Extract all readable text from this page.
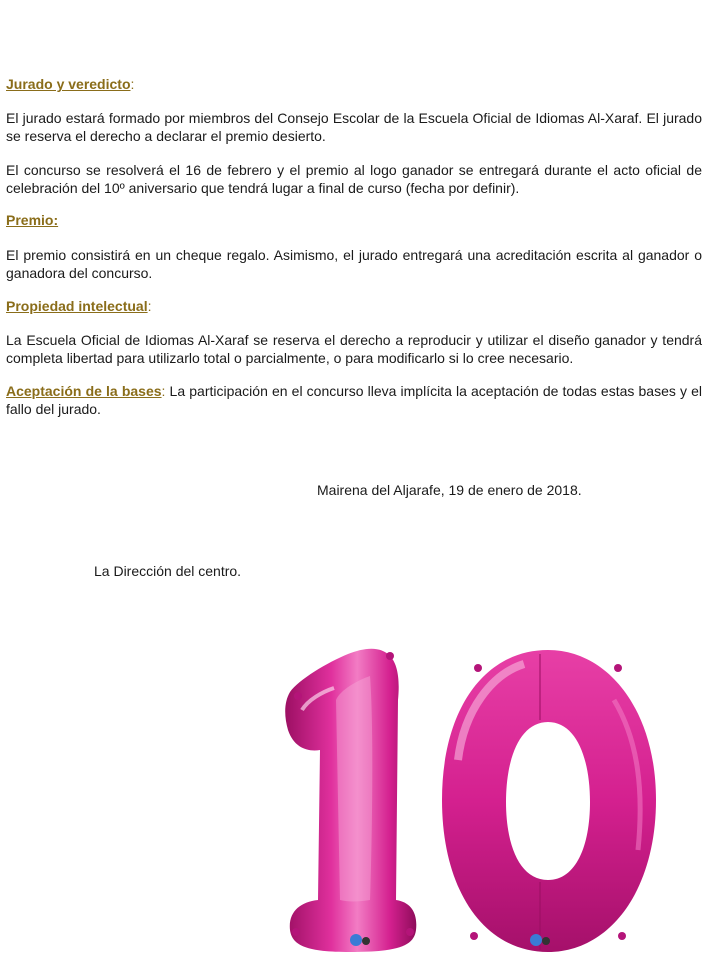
Jurado y veredicto:
El jurado estará formado por miembros del Consejo Escolar de la Escuela Oficial de Idiomas Al-Xaraf. El jurado se reserva el derecho a declarar el premio desierto.
El concurso se resolverá el 16 de febrero y el premio al logo ganador se entregará durante el acto oficial de celebración del 10º aniversario que tendrá lugar a final de curso (fecha por definir).
Premio:
El premio consistirá en un cheque regalo. Asimismo, el jurado entregará una acreditación escrita al ganador o ganadora del concurso.
Propiedad intelectual:
La Escuela Oficial de Idiomas Al-Xaraf se reserva el derecho a reproducir y utilizar el diseño ganador y tendrá completa libertad para utilizarlo total o parcialmente, o para modificarlo si lo cree necesario.
Aceptación de la bases: La participación en el concurso lleva implícita la aceptación de todas estas bases y el fallo del jurado.
Mairena del Aljarafe, 19 de enero de 2018.
La Dirección del centro.
